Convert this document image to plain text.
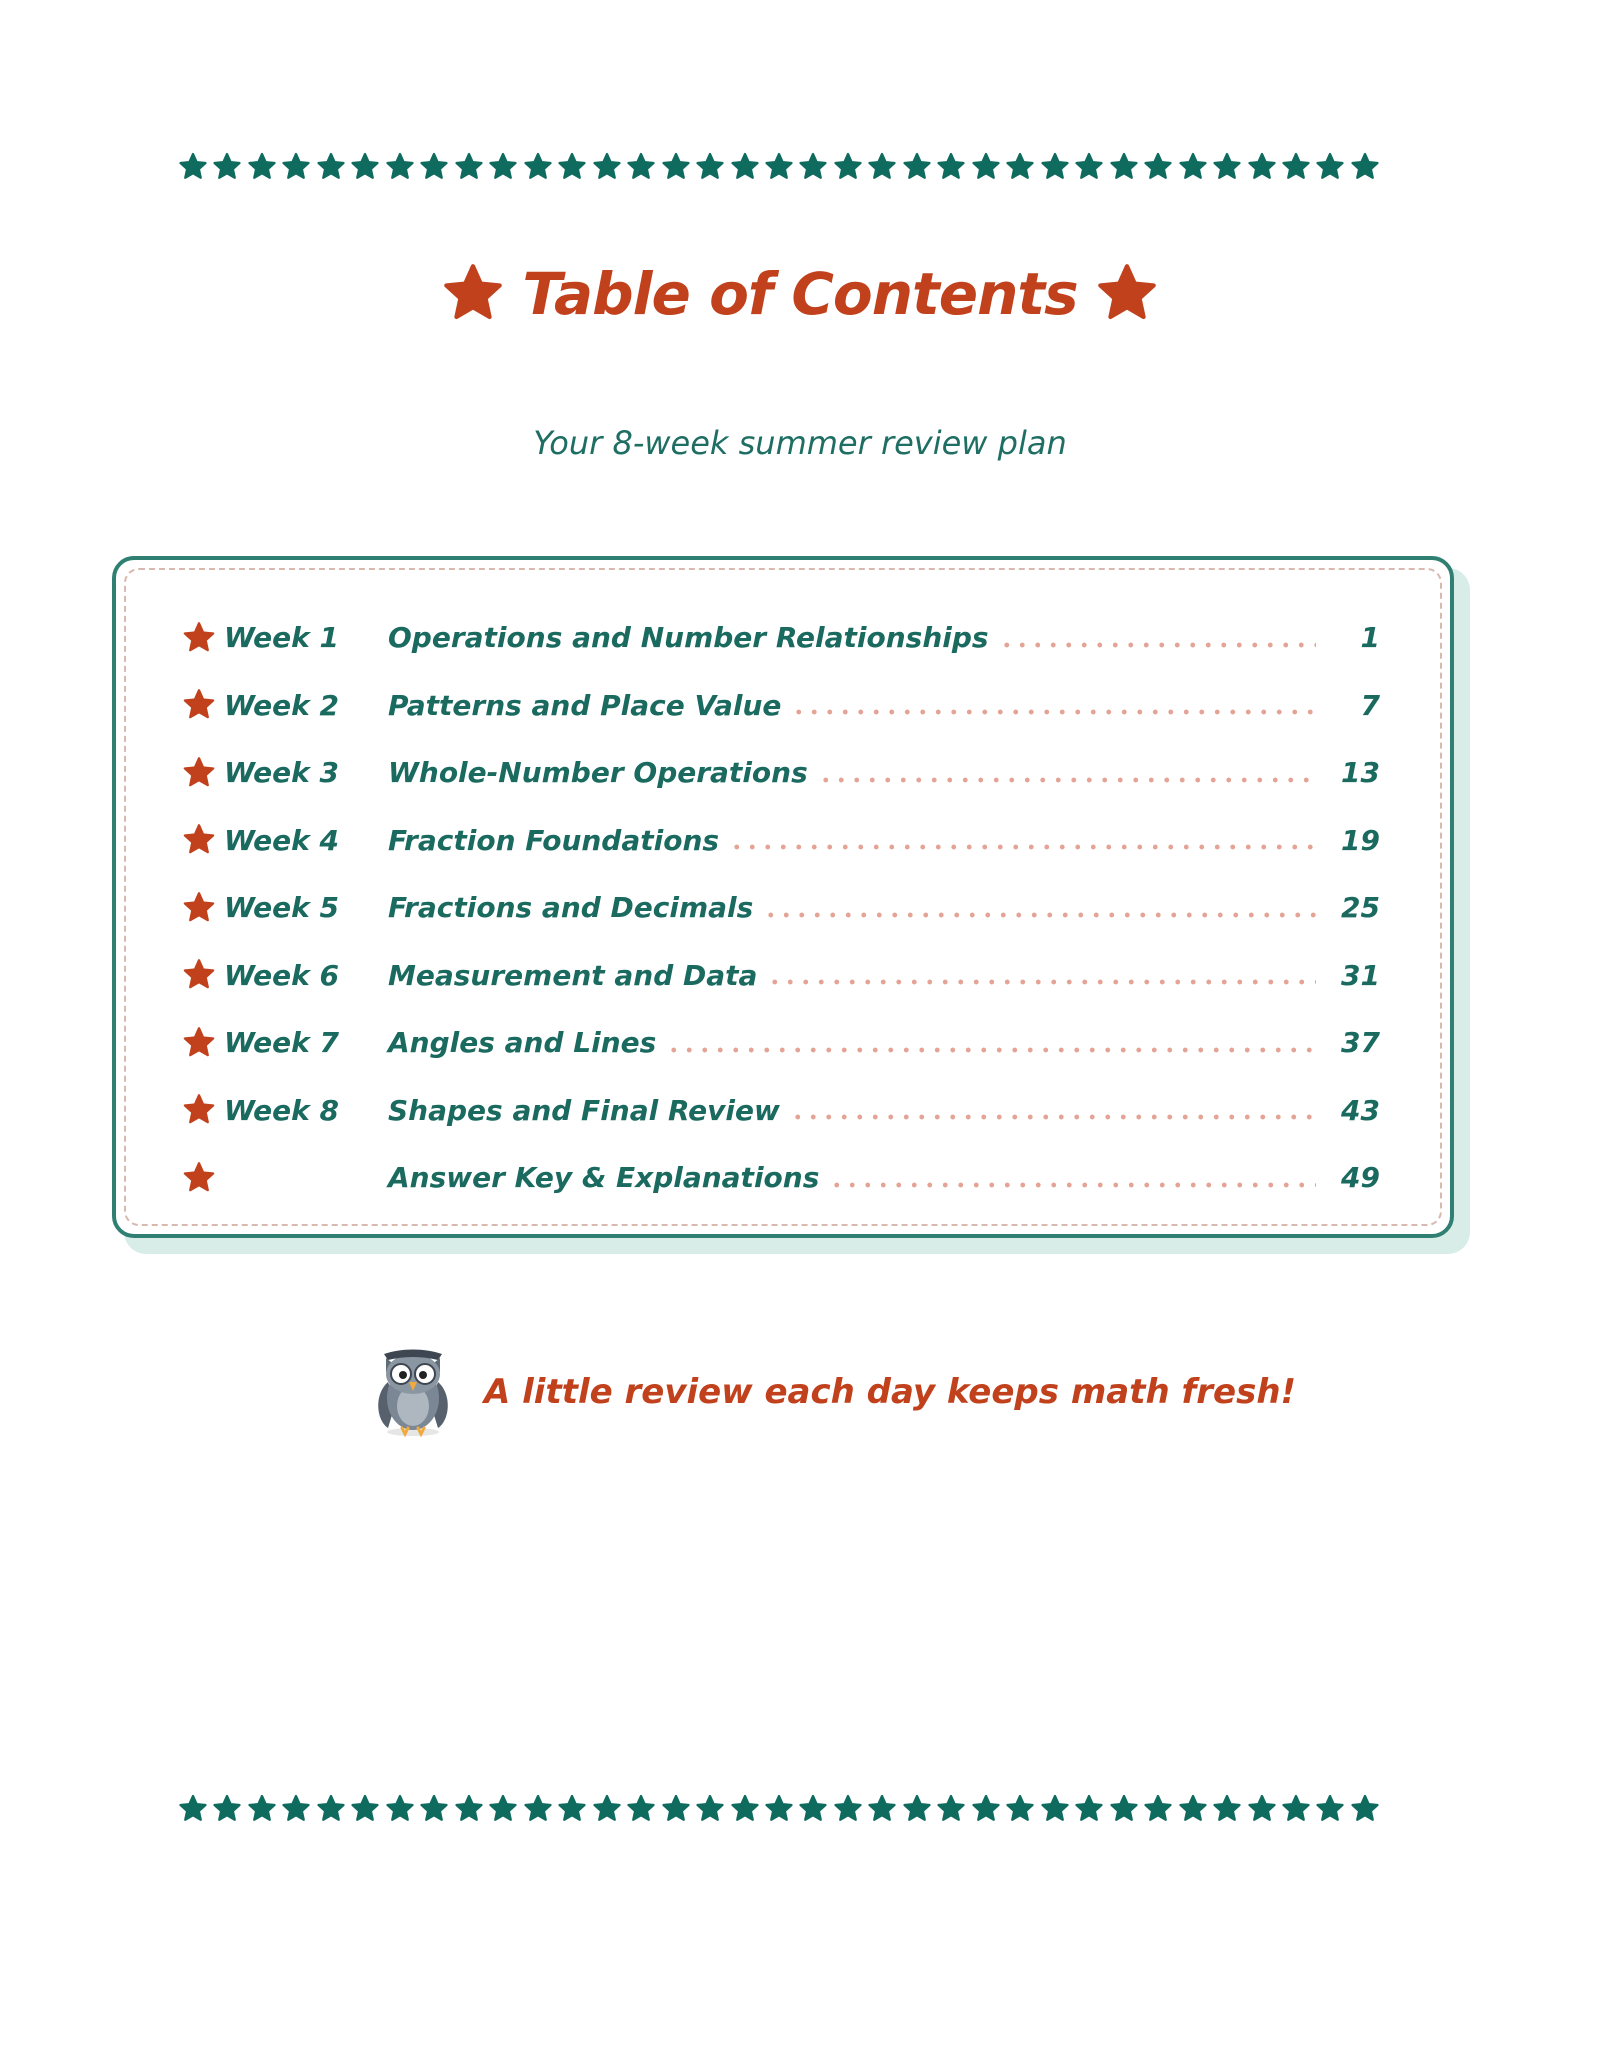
Table of Contents
Your 8-week summer review plan
Week 1	Operations and Number Relationships	1
Week 2	Patterns and Place Value	7
Week 3	Whole-Number Operations	13
Week 4	Fraction Foundations	19
Week 5	Fractions and Decimals	25
Week 6	Measurement and Data	31
Week 7	Angles and Lines	37
Week 8	Shapes and Final Review	43
Answer Key & Explanations	49
A little review each day keeps math fresh!
